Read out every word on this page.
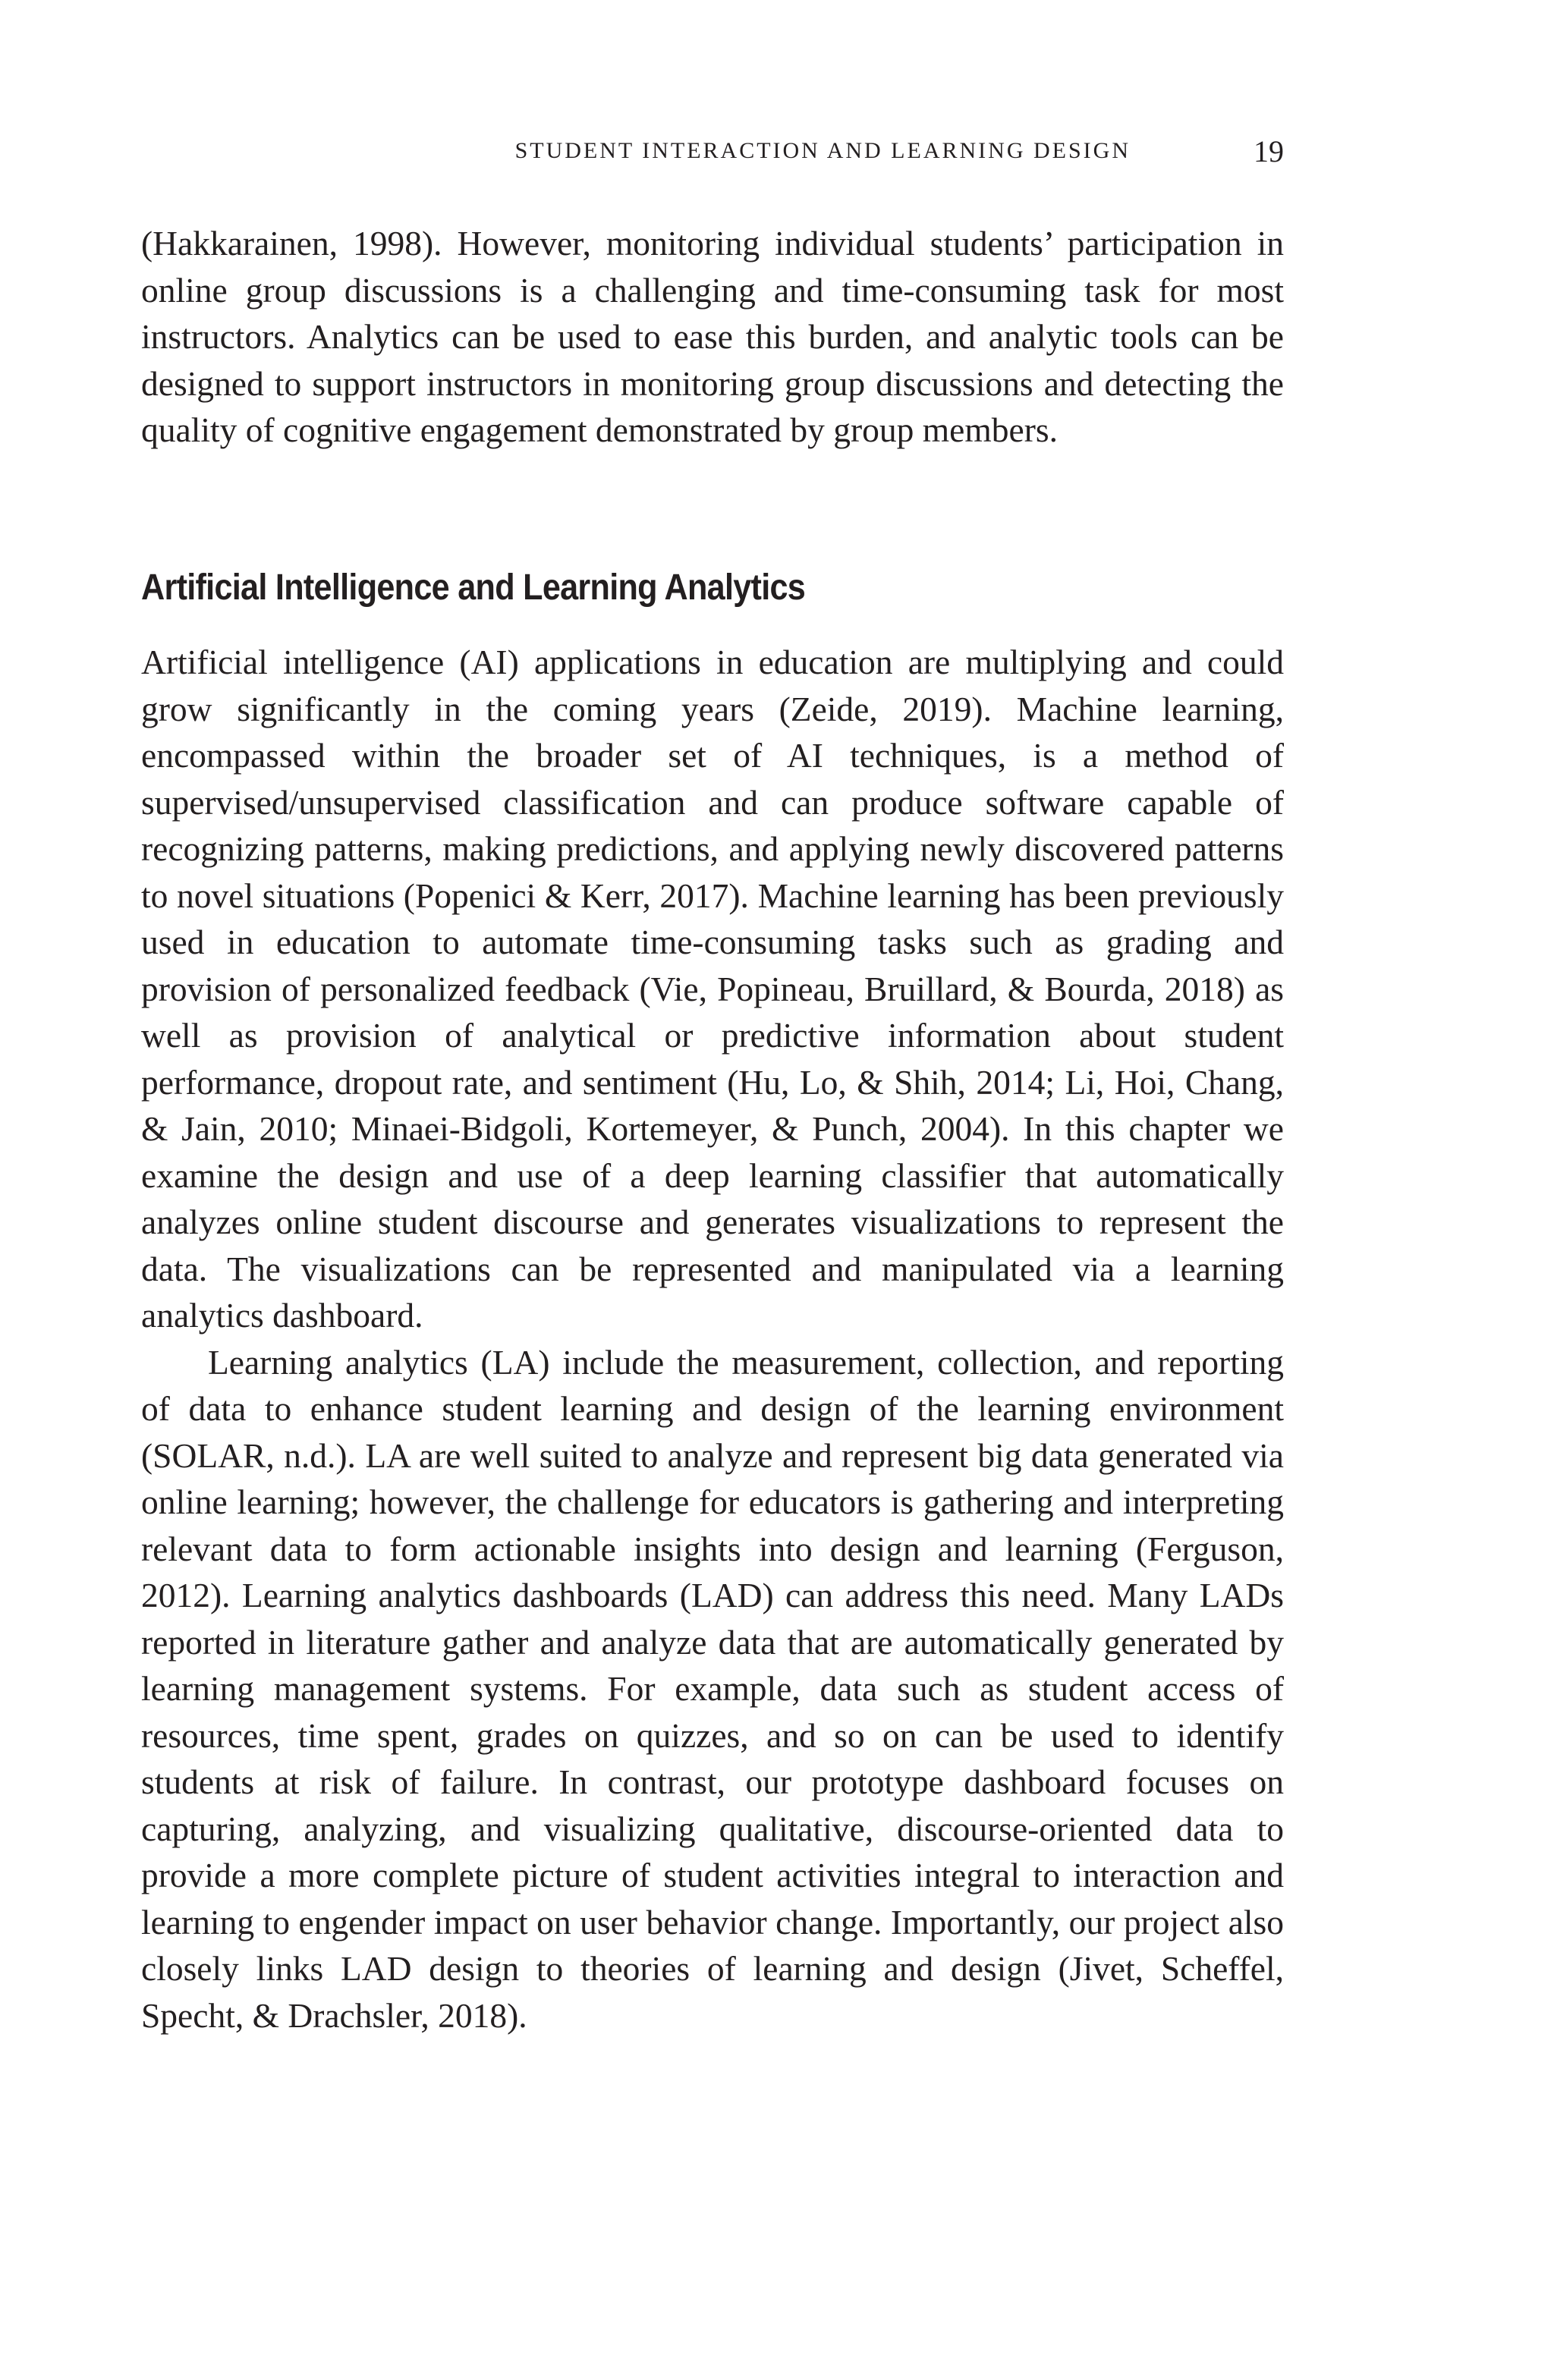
STUDENT INTERACTION AND LEARNING DESIGN	19

(Hakkarainen, 1998). However, monitoring individual students’ participation in online group discussions is a challenging and time-consuming task for most instructors. Analytics can be used to ease this burden, and analytic tools can be designed to support instructors in monitoring group discussions and detecting the quality of cognitive engagement demonstrated by group members.

Artificial Intelligence and Learning Analytics

Artificial intelligence (AI) applications in education are multiplying and could grow significantly in the coming years (Zeide, 2019). Machine learning, encompassed within the broader set of AI techniques, is a method of supervised/unsupervised classification and can produce software capable of recognizing patterns, making predictions, and applying newly discovered patterns to novel situations (Popenici & Kerr, 2017). Machine learning has been previously used in education to automate time-consuming tasks such as grading and provision of personalized feedback (Vie, Popineau, Bruillard, & Bourda, 2018) as well as provision of analytical or predictive information about student performance, dropout rate, and sentiment (Hu, Lo, & Shih, 2014; Li, Hoi, Chang, & Jain, 2010; Minaei-Bidgoli, Kortemeyer, & Punch, 2004). In this chapter we examine the design and use of a deep learning classifier that automatically analyzes online student discourse and generates visualizations to represent the data. The visualizations can be represented and manipulated via a learning analytics dashboard.

Learning analytics (LA) include the measurement, collection, and reporting of data to enhance student learning and design of the learning environment (SOLAR, n.d.). LA are well suited to analyze and represent big data generated via online learning; however, the challenge for educators is gathering and interpreting relevant data to form actionable insights into design and learning (Ferguson, 2012). Learning analytics dashboards (LAD) can address this need. Many LADs reported in literature gather and analyze data that are automatically generated by learning management systems. For example, data such as student access of resources, time spent, grades on quizzes, and so on can be used to identify students at risk of failure. In contrast, our prototype dashboard focuses on capturing, analyzing, and visualizing qualitative, discourse-oriented data to provide a more complete picture of student activities integral to interaction and learning to engender impact on user behavior change. Importantly, our project also closely links LAD design to theories of learning and design (Jivet, Scheffel, Specht, & Drachsler, 2018).
